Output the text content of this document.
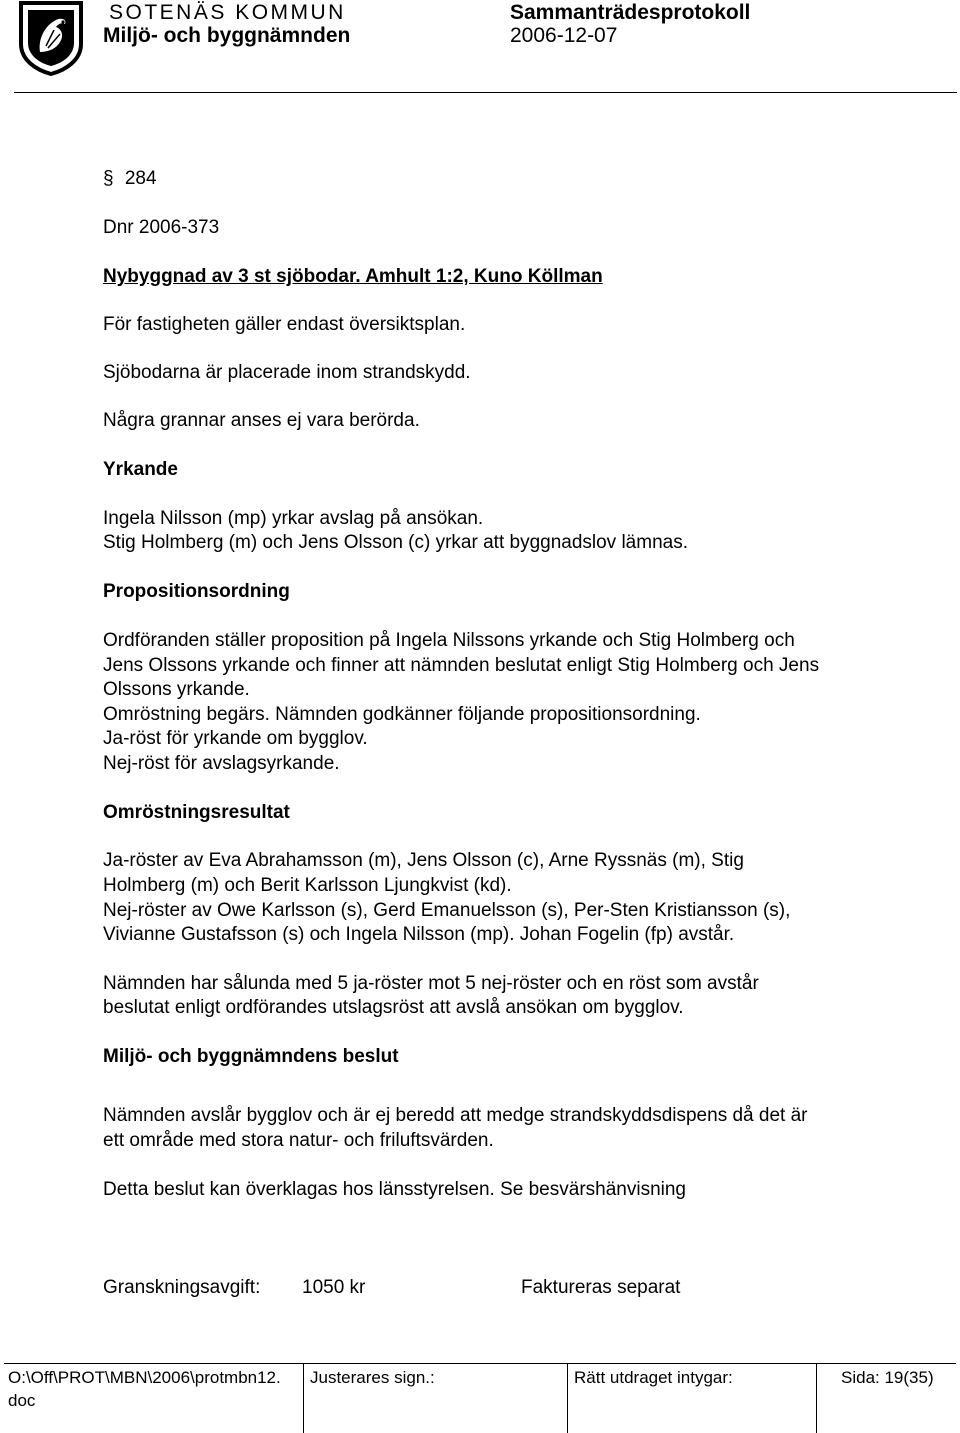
SOTENÄS KOMMUN
Miljö- och byggnämnden
Sammanträdesprotokoll
2006-12-07
§ 284
Dnr 2006-373
Nybyggnad av 3 st sjöbodar. Amhult 1:2, Kuno Köllman
För fastigheten gäller endast översiktsplan.
Sjöbodarna är placerade inom strandskydd.
Några grannar anses ej vara berörda.
Yrkande
Ingela Nilsson (mp) yrkar avslag på ansökan.
Stig Holmberg (m) och Jens Olsson (c) yrkar att byggnadslov lämnas.
Propositionsordning
Ordföranden ställer proposition på Ingela Nilssons yrkande och Stig Holmberg och
Jens Olssons yrkande och finner att nämnden beslutat enligt Stig Holmberg och Jens
Olssons yrkande.
Omröstning begärs. Nämnden godkänner följande propositionsordning.
Ja-röst för yrkande om bygglov.
Nej-röst för avslagsyrkande.
Omröstningsresultat
Ja-röster av Eva Abrahamsson (m), Jens Olsson (c), Arne Ryssnäs (m), Stig
Holmberg (m) och Berit Karlsson Ljungkvist (kd).
Nej-röster av Owe Karlsson (s), Gerd Emanuelsson (s), Per-Sten Kristiansson (s),
Vivianne Gustafsson (s) och Ingela Nilsson (mp). Johan Fogelin (fp) avstår.
Nämnden har sålunda med 5 ja-röster mot 5 nej-röster och en röst som avstår
beslutat enligt ordförandes utslagsröst att avslå ansökan om bygglov.
Miljö- och byggnämndens beslut
Nämnden avslår bygglov och är ej beredd att medge strandskyddsdispens då det är
ett område med stora natur- och friluftsvärden.
Detta beslut kan överklagas hos länsstyrelsen. Se besvärshänvisning
Granskningsavgift: 1050 kr	Faktureras separat
O:\Off\PROT\MBN\2006\protmbn12.
doc
Justerares sign.:	Rätt utdraget intygar:	Sida: 19(35)
